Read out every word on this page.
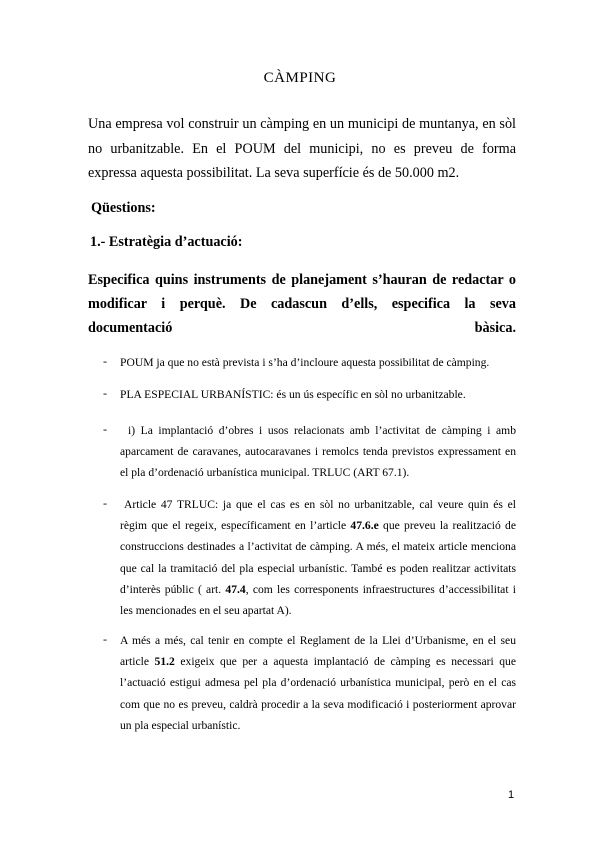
CÀMPING
Una empresa vol construir un càmping en un municipi de muntanya, en sòl no urbanitzable. En el POUM del municipi, no es preveu de forma expressa aquesta possibilitat. La seva superfície és de 50.000 m2.
Qüestions:
1.- Estratègia d’actuació:
Especifica quins instruments de planejament s’hauran de redactar o modificar i perquè. De cadascun d’ells, especifica la seva documentació bàsica.
- POUM ja que no està prevista i s’ha d’incloure aquesta possibilitat de càmping.
- PLA ESPECIAL URBANÍSTIC: és un ús específic en sòl no urbanitzable.
-	i) La implantació d’obres i usos relacionats amb l’activitat de càmping i amb aparcament de caravanes, autocaravanes i remolcs tenda previstos expressament en el pla d’ordenació urbanística municipal. TRLUC (ART 67.1).
-	Article 47 TRLUC: ja que el cas es en sòl no urbanitzable, cal veure quin és el règim que el regeix, específicament en l’article 47.6.e que preveu la realització de construccions destinades a l’activitat de càmping. A més, el mateix article menciona que cal la tramitació del pla especial urbanístic. També es poden realitzar activitats d’interès públic ( art. 47.4, com les corresponents infraestructures d’accessibilitat i les mencionades en el seu apartat A).
- A més a més, cal tenir en compte el Reglament de la Llei d’Urbanisme, en el seu article 51.2 exigeix que per a aquesta implantació de càmping es necessari que l’actuació estigui admesa pel pla d’ordenació urbanística municipal, però en el cas com que no es preveu, caldrà procedir a la seva modificació i posteriorment aprovar un pla especial urbanístic.
1
